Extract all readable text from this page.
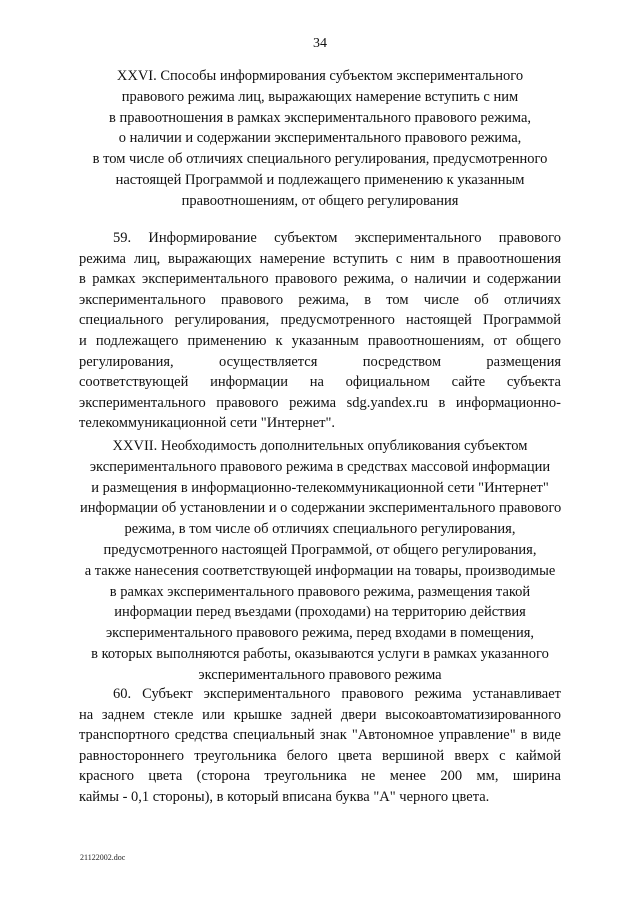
34
XXVI. Способы информирования субъектом экспериментального
правового режима лиц, выражающих намерение вступить с ним
в правоотношения в рамках экспериментального правового режима,
о наличии и содержании экспериментального правового режима,
в том числе об отличиях специального регулирования, предусмотренного
настоящей Программой и подлежащего применению к указанным
правоотношениям, от общего регулирования
59. Информирование субъектом экспериментального правового
режима лиц, выражающих намерение вступить с ним в правоотношения
в рамках экспериментального правового режима, о наличии и содержании
экспериментального правового режима, в том числе об отличиях
специального регулирования, предусмотренного настоящей Программой
и подлежащего применению к указанным правоотношениям, от общего
регулирования, осуществляется посредством размещения
соответствующей информации на официальном сайте субъекта
экспериментального правового режима sdg.yandex.ru в информационно-
телекоммуникационной сети "Интернет".
XXVII. Необходимость дополнительных опубликования субъектом
экспериментального правового режима в средствах массовой информации
и размещения в информационно-телекоммуникационной сети "Интернет"
информации об установлении и о содержании экспериментального правового
режима, в том числе об отличиях специального регулирования,
предусмотренного настоящей Программой, от общего регулирования,
а также нанесения соответствующей информации на товары, производимые
в рамках экспериментального правового режима, размещения такой
информации перед въездами (проходами) на территорию действия
экспериментального правового режима, перед входами в помещения,
в которых выполняются работы, оказываются услуги в рамках указанного
экспериментального правового режима
60. Субъект экспериментального правового режима устанавливает
на заднем стекле или крышке задней двери высокоавтоматизированного
транспортного средства специальный знак "Автономное управление" в виде
равностороннего треугольника белого цвета вершиной вверх с каймой
красного цвета (сторона треугольника не менее 200 мм, ширина
каймы - 0,1 стороны), в который вписана буква "А" черного цвета.
21122002.doc
